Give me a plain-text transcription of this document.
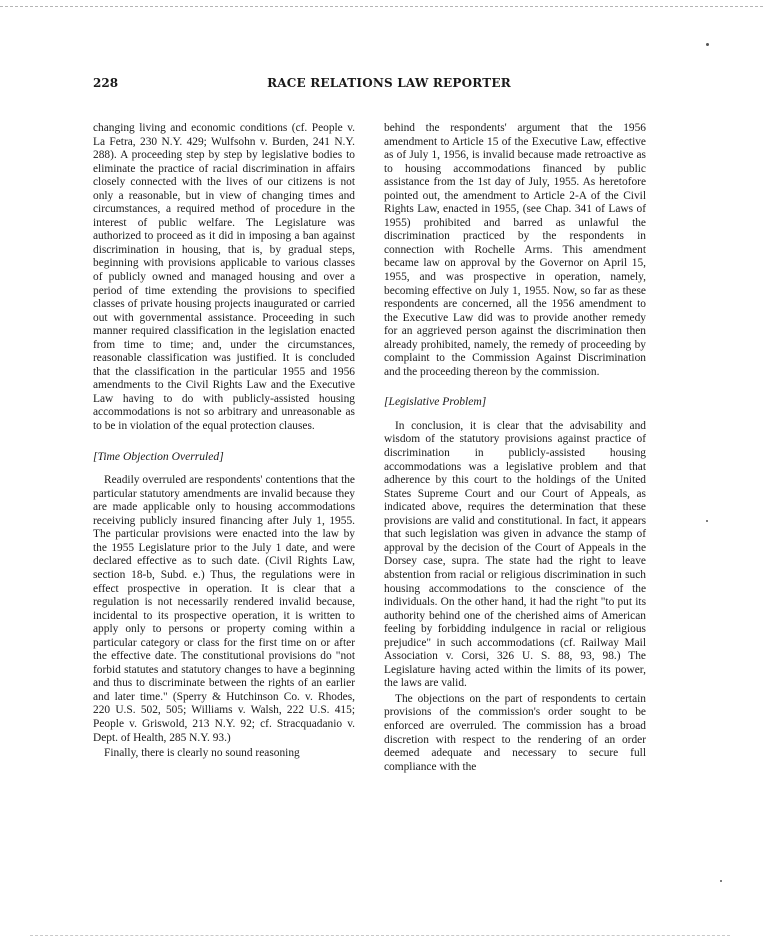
228	RACE RELATIONS LAW REPORTER

changing living and economic conditions (cf. People v. La Fetra, 230 N.Y. 429; Wulfsohn v. Burden, 241 N.Y. 288). A proceeding step by step by legislative bodies to eliminate the practice of racial discrimination in affairs closely connected with the lives of our citizens is not only a reasonable, but in view of changing times and circumstances, a required method of procedure in the interest of public welfare. The Legislature was authorized to proceed as it did in imposing a ban against discrimination in housing, that is, by gradual steps, beginning with provisions applicable to various classes of publicly owned and managed housing and over a period of time extending the provisions to specified classes of private housing projects inaugurated or carried out with governmental assistance. Proceeding in such manner required classification in the legislation enacted from time to time; and, under the circumstances, reasonable classification was justified. It is concluded that the classification in the particular 1955 and 1956 amendments to the Civil Rights Law and the Executive Law having to do with publicly-assisted housing accommodations is not so arbitrary and unreasonable as to be in violation of the equal protection clauses.

[Time Objection Overruled]

Readily overruled are respondents' contentions that the particular statutory amendments are invalid because they are made applicable only to housing accommodations receiving publicly insured financing after July 1, 1955. The particular provisions were enacted into the law by the 1955 Legislature prior to the July 1 date, and were declared effective as to such date. (Civil Rights Law, section 18-b, Subd. e.) Thus, the regulations were in effect prospective in operation. It is clear that a regulation is not necessarily rendered invalid because, incidental to its prospective operation, it is written to apply only to persons or property coming within a particular category or class for the first time on or after the effective date. The constitutional provisions do "not forbid statutes and statutory changes to have a beginning and thus to discriminate between the rights of an earlier and later time." (Sperry & Hutchinson Co. v. Rhodes, 220 U.S. 502, 505; Williams v. Walsh, 222 U.S. 415; People v. Griswold, 213 N.Y. 92; cf. Stracquadanio v. Dept. of Health, 285 N.Y. 93.)

Finally, there is clearly no sound reasoning

behind the respondents' argument that the 1956 amendment to Article 15 of the Executive Law, effective as of July 1, 1956, is invalid because made retroactive as to housing accommodations financed by public assistance from the 1st day of July, 1955. As heretofore pointed out, the amendment to Article 2-A of the Civil Rights Law, enacted in 1955, (see Chap. 341 of Laws of 1955) prohibited and barred as unlawful the discrimination practiced by the respondents in connection with Rochelle Arms. This amendment became law on approval by the Governor on April 15, 1955, and was prospective in operation, namely, becoming effective on July 1, 1955. Now, so far as these respondents are concerned, all the 1956 amendment to the Executive Law did was to provide another remedy for an aggrieved person against the discrimination then already prohibited, namely, the remedy of proceeding by complaint to the Commission Against Discrimination and the proceeding thereon by the commission.

[Legislative Problem]

In conclusion, it is clear that the advisability and wisdom of the statutory provisions against practice of discrimination in publicly-assisted housing accommodations was a legislative problem and that adherence by this court to the holdings of the United States Supreme Court and our Court of Appeals, as indicated above, requires the determination that these provisions are valid and constitutional. In fact, it appears that such legislation was given in advance the stamp of approval by the decision of the Court of Appeals in the Dorsey case, supra. The state had the right to leave abstention from racial or religious discrimination in such housing accommodations to the conscience of the individuals. On the other hand, it had the right "to put its authority behind one of the cherished aims of American feeling by forbidding indulgence in racial or religious prejudice" in such accommodations (cf. Railway Mail Association v. Corsi, 326 U. S. 88, 93, 98.) The Legislature having acted within the limits of its power, the laws are valid.

The objections on the part of respondents to certain provisions of the commission's order sought to be enforced are overruled. The commission has a broad discretion with respect to the rendering of an order deemed adequate and necessary to secure full compliance with the
